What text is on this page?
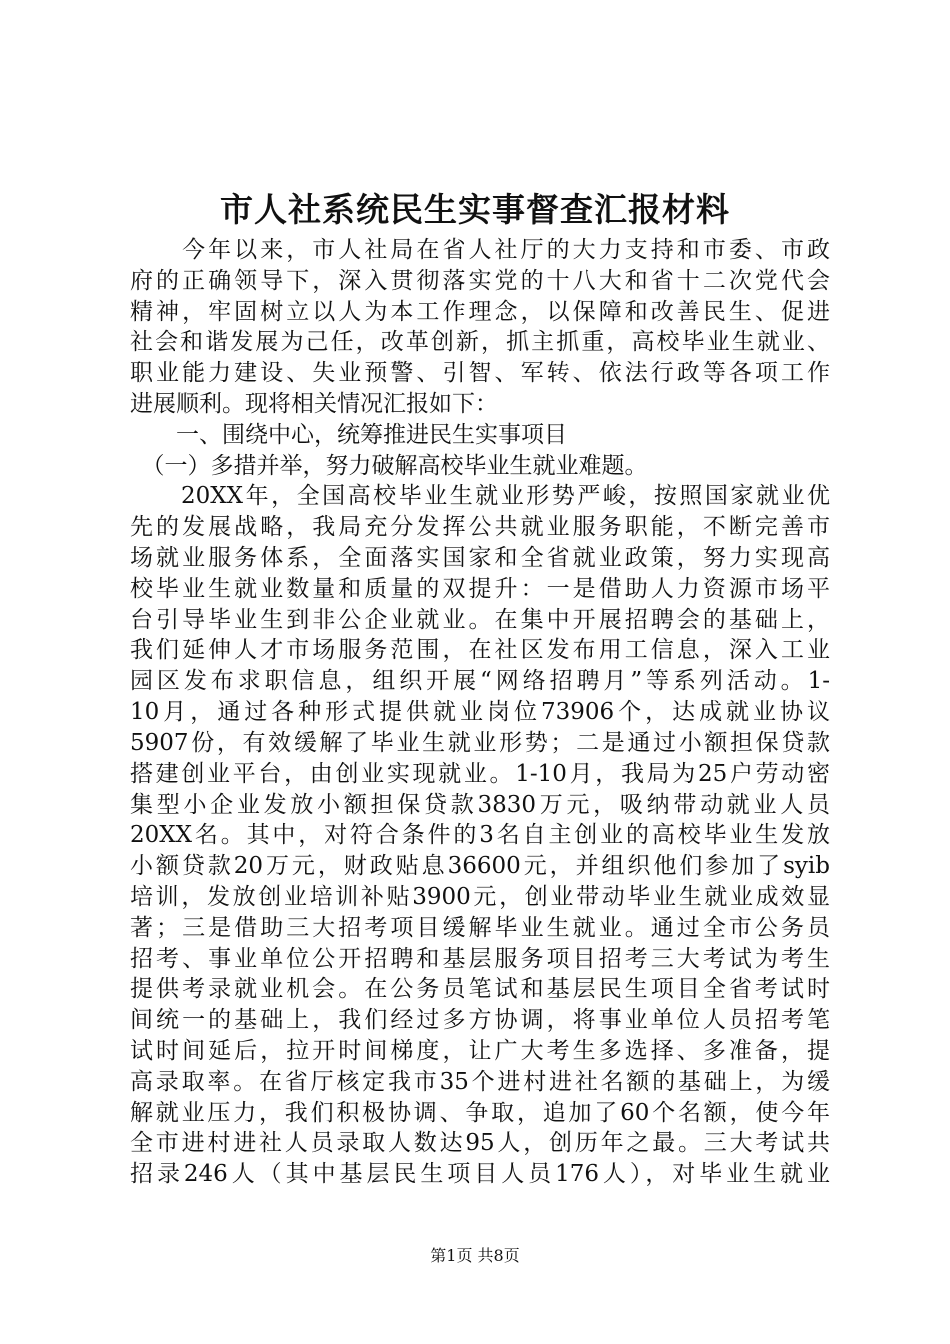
市人社系统民生实事督查汇报材料
　　今年以来，市人社局在省人社厅的大力支持和市委、市政
府的正确领导下，深入贯彻落实党的十八大和省十二次党代会
精神，牢固树立以人为本工作理念，以保障和改善民生、促进
社会和谐发展为己任，改革创新，抓主抓重，高校毕业生就业、
职业能力建设、失业预警、引智、军转、依法行政等各项工作
进展顺利。现将相关情况汇报如下：
　　一、围绕中心，统筹推进民生实事项目
　（一）多措并举，努力破解高校毕业生就业难题。
　　20XX年，全国高校毕业生就业形势严峻，按照国家就业优
先的发展战略，我局充分发挥公共就业服务职能，不断完善市
场就业服务体系，全面落实国家和全省就业政策，努力实现高
校毕业生就业数量和质量的双提升：一是借助人力资源市场平
台引导毕业生到非公企业就业。在集中开展招聘会的基础上，
我们延伸人才市场服务范围，在社区发布用工信息，深入工业
园区发布求职信息，组织开展“网络招聘月”等系列活动。1-
10月，通过各种形式提供就业岗位73906个，达成就业协议
5907份，有效缓解了毕业生就业形势；二是通过小额担保贷款
搭建创业平台，由创业实现就业。1-10月，我局为25户劳动密
集型小企业发放小额担保贷款3830万元，吸纳带动就业人员
20XX名。其中，对符合条件的3名自主创业的高校毕业生发放
小额贷款20万元，财政贴息36600元，并组织他们参加了syib
培训，发放创业培训补贴3900元，创业带动毕业生就业成效显
著；三是借助三大招考项目缓解毕业生就业。通过全市公务员
招考、事业单位公开招聘和基层服务项目招考三大考试为考生
提供考录就业机会。在公务员笔试和基层民生项目全省考试时
间统一的基础上，我们经过多方协调，将事业单位人员招考笔
试时间延后，拉开时间梯度，让广大考生多选择、多准备，提
高录取率。在省厅核定我市35个进村进社名额的基础上，为缓
解就业压力，我们积极协调、争取，追加了60个名额，使今年
第1页 共8页
全市进村进社人员录取人数达95人，创历年之最。三大考试共
招录246人（其中基层民生项目人员176人），对毕业生就业
